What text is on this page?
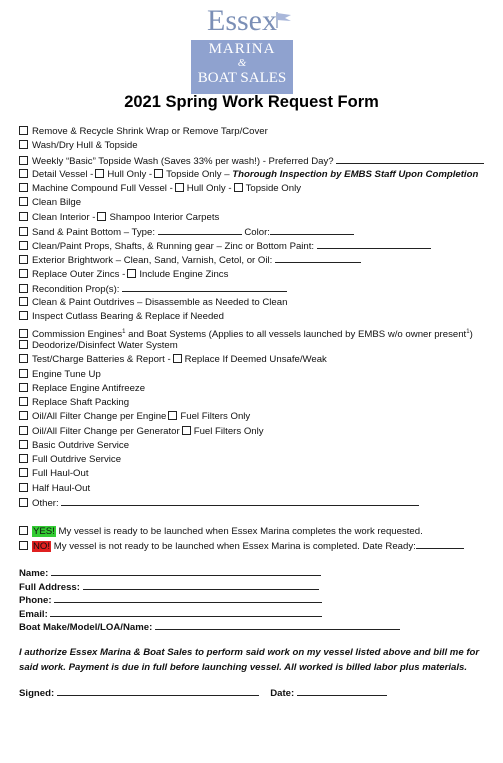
Essex
MARINA
&
BOAT SALES
2021 Spring Work Request Form
Remove & Recycle Shrink Wrap or Remove Tarp/Cover
Wash/Dry Hull & Topside
Weekly “Basic” Topside Wash (Saves 33% per wash!) - Preferred Day?
Detail Vessel - Hull Only - Topside Only – Thorough Inspection by EMBS Staff Upon Completion
Machine Compound Full Vessel - Hull Only - Topside Only
Clean Bilge
Clean Interior - Shampoo Interior Carpets
Sand & Paint Bottom – Type:	Color:
Clean/Paint Props, Shafts, & Running gear – Zinc or Bottom Paint:
Exterior Brightwork – Clean, Sand, Varnish, Cetol, or Oil:
Replace Outer Zincs - Include Engine Zincs
Recondition Prop(s):
Clean & Paint Outdrives – Disassemble as Needed to Clean
Inspect Cutlass Bearing & Replace if Needed
Commission Engines$^1$ and Boat Systems (Applies to all vessels launched by EMBS w/o owner present$^1$)
Deodorize/Disinfect Water System
Test/Charge Batteries & Report - Replace If Deemed Unsafe/Weak
Engine Tune Up
Replace Engine Antifreeze
Replace Shaft Packing
Oil/All Filter Change per Engine Fuel Filters Only
Oil/All Filter Change per Generator Fuel Filters Only
Basic Outdrive Service
Full Outdrive Service
Full Haul-Out
Half Haul-Out
Other:
YES! My vessel is ready to be launched when Essex Marina completes the work requested.
NO! My vessel is not ready to be launched when Essex Marina is completed. Date Ready:
Name:
Full Address:
Phone:
Email:
Boat Make/Model/LOA/Name:
I authorize Essex Marina & Boat Sales to perform said work on my vessel listed above and bill me for said work. Payment is due in full before launching vessel. All worked is billed labor plus materials.
Signed:	Date:
